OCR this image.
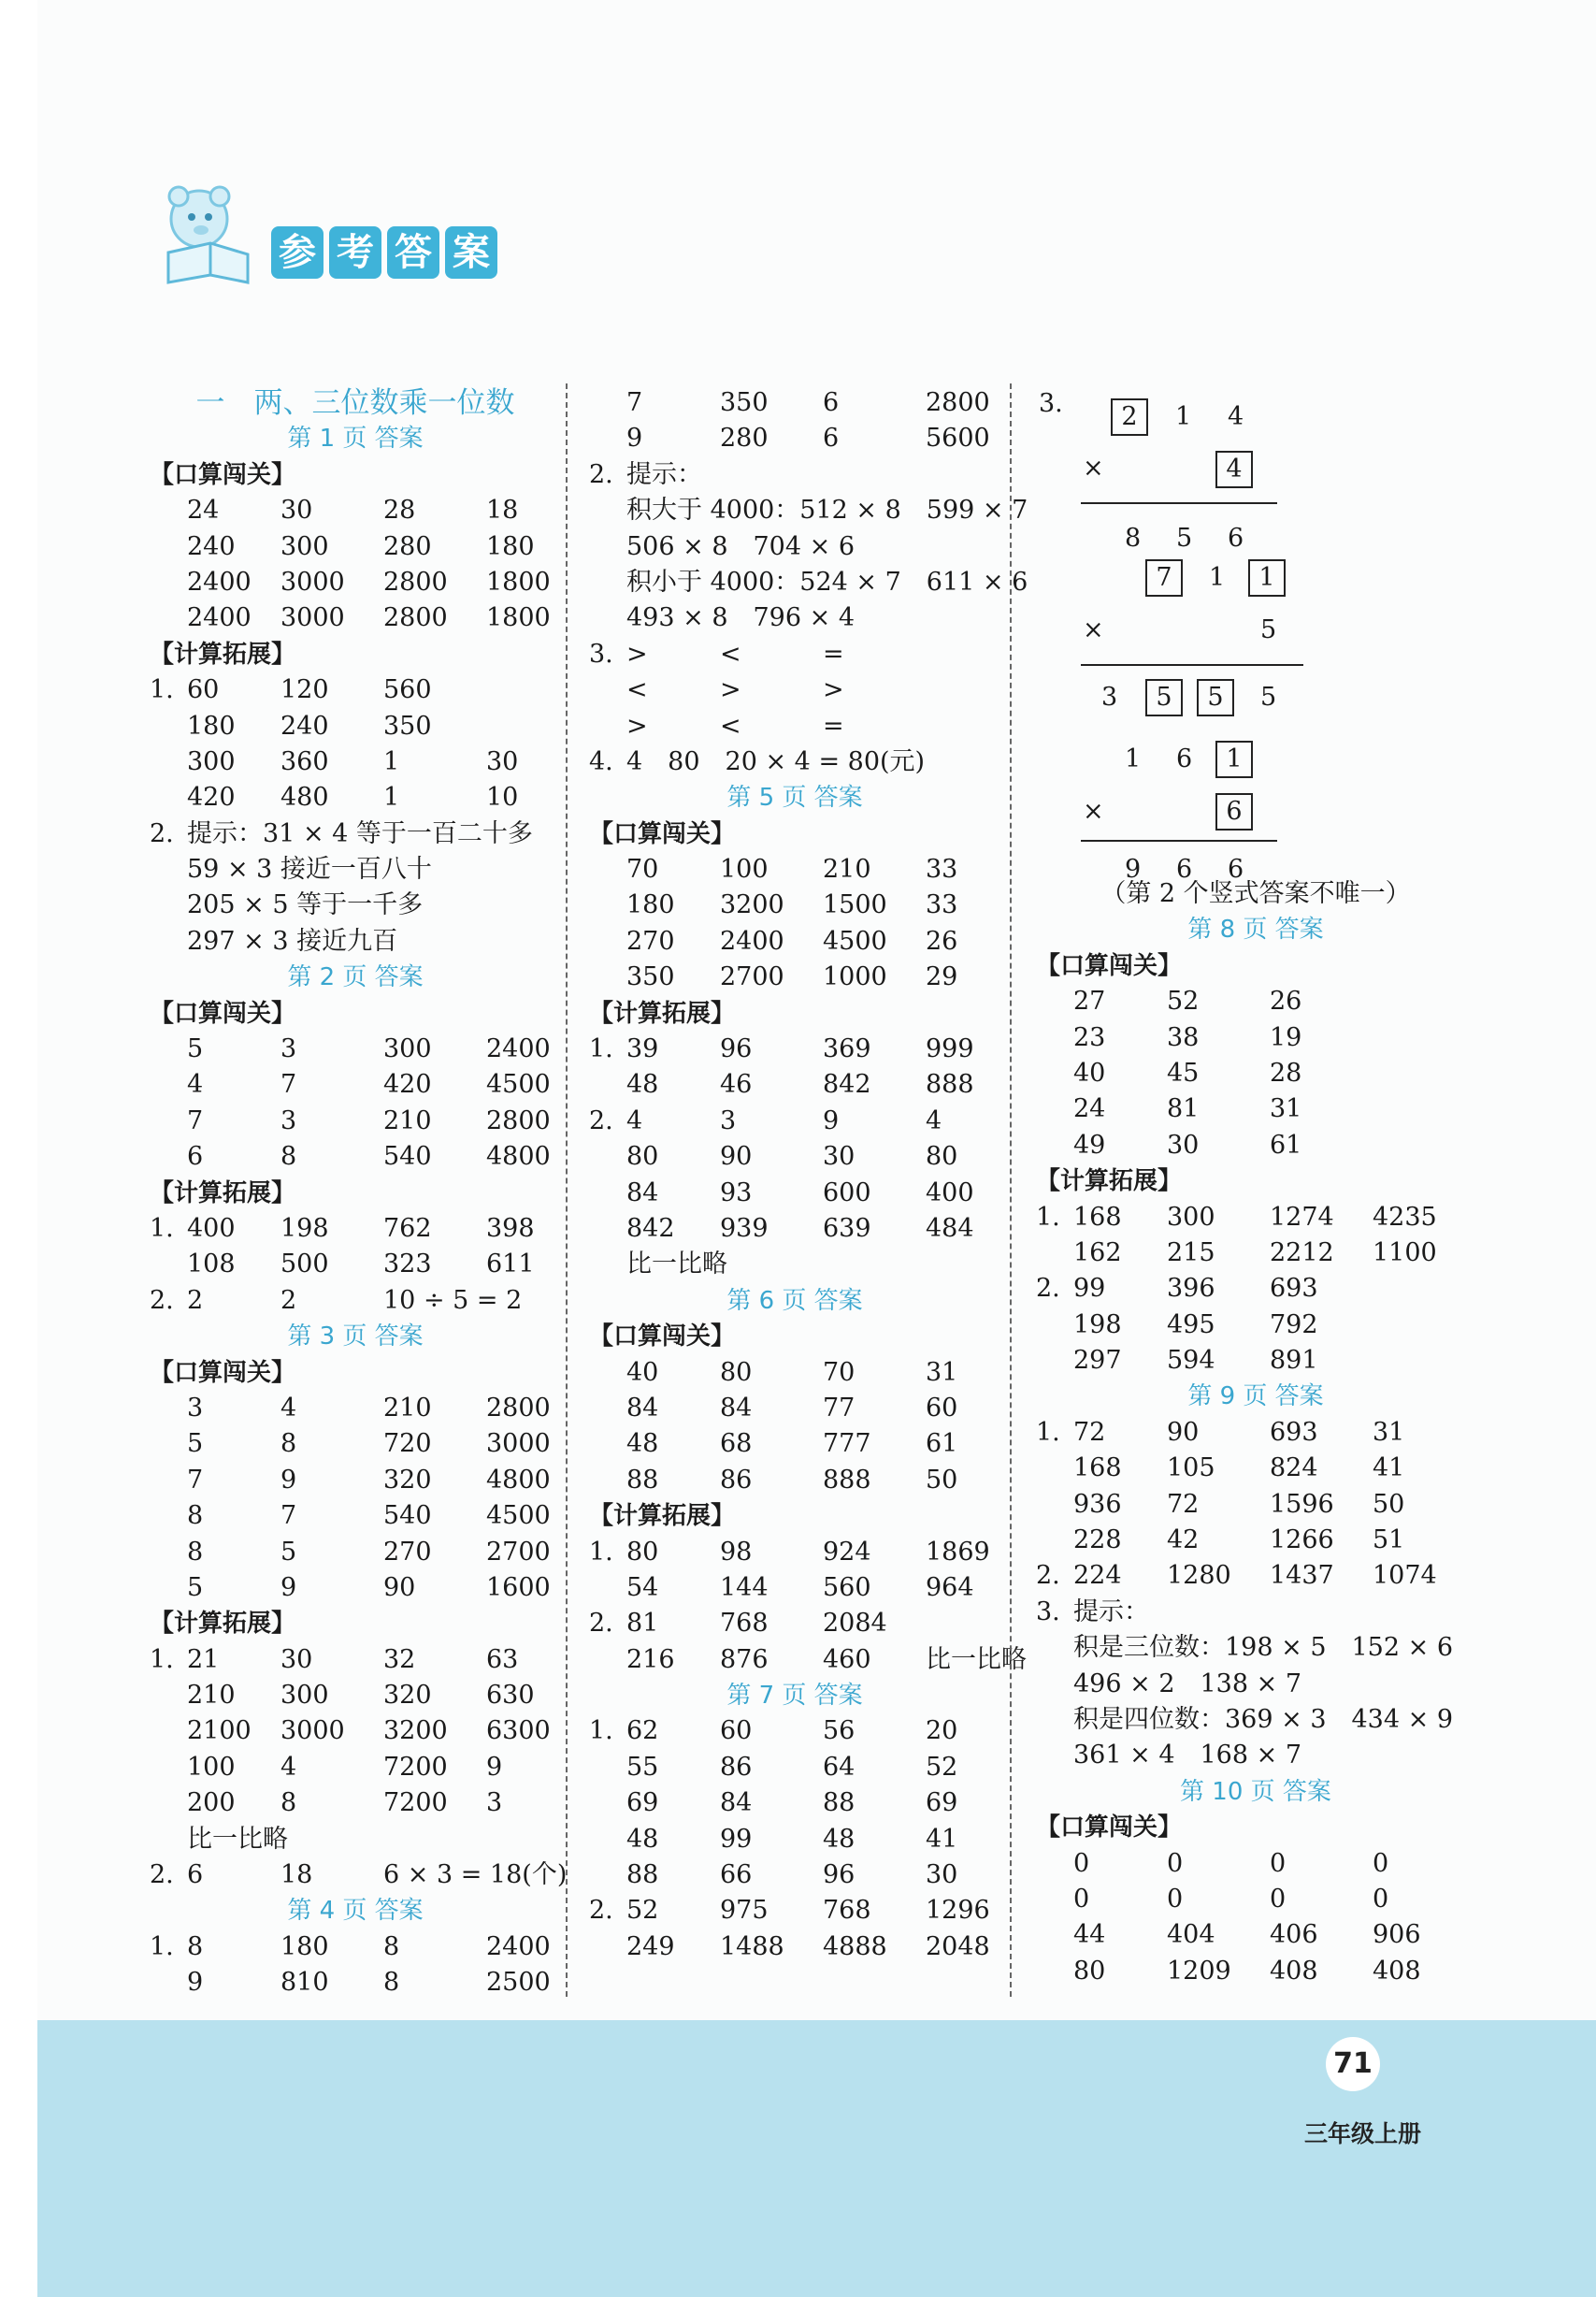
参 考 答 案
一　两、三位数乘一位数
第 1 页 答案
【口算闯关】
24 30	28	18
240 300 280 180
2400 3000 2800 1800
2400 3000 2800 1800
【计算拓展】
1. 60 120 560
180 240 350
300 360 1	30
420 480 1	10
2. 提示：31 × 4 等于一百二十多
59 × 3 接近一百八十
205 × 5 等于一千多
297 × 3 接近九百
第 2 页 答案
【口算闯关】
5	3	300 2400
4	7	420 4500
7	3	210 2800
6	8	540 4800
【计算拓展】
1. 400 198 762 398
108 500 323 611
2. 2	2	10 ÷ 5 = 2
第 3 页 答案
【口算闯关】
3	4	210 2800
5	8	720 3000
7	9	320 4800
8	7	540 4500
8	5	270 2700
5	9	90	1600
【计算拓展】
1. 21 30	32	63
210 300 320 630
2100 3000 3200 6300
100 4	7200 9
200 8	7200 3
比一比略
2. 6	18	6 × 3 = 18(个)
第 4 页 答案
1. 8	180 8	2400
9	810 8	2500
7	350 6	2800
9	280 6	5600
2. 提示：
积大于 4000：512 × 8　599 × 7
506 × 8　704 × 6
积小于 4000：524 × 7　611 × 6
493 × 8　796 × 4
3. >	<	=
<	>	>
>	<	=
4. 4　80　20 × 4 = 80(元)
第 5 页 答案
【口算闯关】
70 100 210 33
180 3200 1500 33
270 2400 4500 26
350 2700 1000 29
【计算拓展】
1. 39 96	369 999
48 46	842 888
2. 4	3	9	4
80 90	30	80
84 93	600 400
842 939 639 484
比一比略
第 6 页 答案
【口算闯关】
40 80	70	31
84 84	77	60
48 68	777 61
88 86	888 50
【计算拓展】
1. 80 98	924 1869
54 144 560 964
2. 81 768 2084
216 876 460 比一比略
第 7 页 答案
1. 62 60	56	20
55 86	64	52
69 84	88	69
48 99	48	41
88 66	96	30
2. 52 975 768 1296
249 1488 4888 2048
3.	2	1 4
×	4
8 5 6
7	1	1
×	5
3	5	5	5
1 6	1
×	6
9 6 6
（第 2 个竖式答案不唯一）
第 8 页 答案
【口算闯关】
27 52	26
23 38	19
40 45	28
24 81	31
49 30	61
【计算拓展】
1. 168 300 1274 4235
162 215 2212 1100
2. 99 396 693
198 495 792
297 594 891
第 9 页 答案
1. 72 90	693 31
168 105 824 41
936 72	1596 50
228 42	1266 51
2. 224 1280 1437 1074
3. 提示：
积是三位数：198 × 5　152 × 6
496 × 2　138 × 7
积是四位数：369 × 3　434 × 9
361 × 4　168 × 7
第 10 页 答案
【口算闯关】
0	0	0	0
0	0	0	0
44 404 406 906
80 1209 408 408
71
三年级上册
